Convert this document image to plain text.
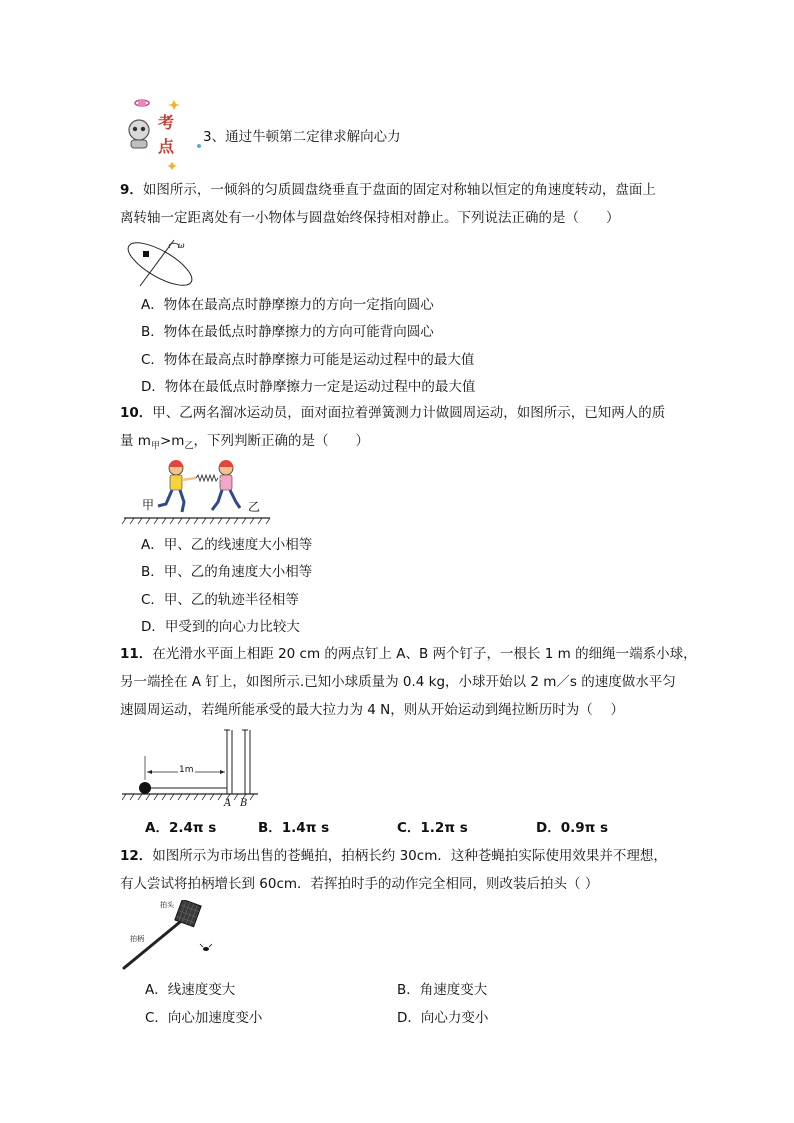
考
点 3、通过牛顿第二定律求解向心力
9．如图所示，一倾斜的匀质圆盘绕垂直于盘面的固定对称轴以恒定的角速度转动，盘面上
离转轴一定距离处有一小物体与圆盘始终保持相对静止。下列说法正确的是（　　）
ω
A．物体在最高点时静摩擦力的方向一定指向圆心
B．物体在最低点时静摩擦力的方向可能背向圆心
C．物体在最高点时静摩擦力可能是运动过程中的最大值
D．物体在最低点时静摩擦力一定是运动过程中的最大值
10．甲、乙两名溜冰运动员，面对面拉着弹簧测力计做圆周运动，如图所示，已知两人的质
量 $m_甲>m_乙$，下列判断正确的是（　　）
甲	乙
A．甲、乙的线速度大小相等
B．甲、乙的角速度大小相等
C．甲、乙的轨迹半径相等
D．甲受到的向心力比较大
11．在光滑水平面上相距 20 cm 的两点钉上 A、B 两个钉子，一根长 1 m 的细绳一端系小球，
另一端拴在 A 钉上，如图所示.已知小球质量为 0.4 kg，小球开始以 2 m／s 的速度做水平匀
速圆周运动，若绳所能承受的最大拉力为 4 N，则从开始运动到绳拉断历时为（　 ）
1m
A B
A．2.4π s	B．1.4π s	C．1.2π s	D．0.9π s
12．如图所示为市场出售的苍蝇拍，拍柄长约 30cm．这种苍蝇拍实际使用效果并不理想，
有人尝试将拍柄增长到 60cm．若挥拍时手的动作完全相同，则改装后拍头（ ）
拍头
拍柄
A．线速度变大	B．角速度变大
C．向心加速度变小	D．向心力变小
